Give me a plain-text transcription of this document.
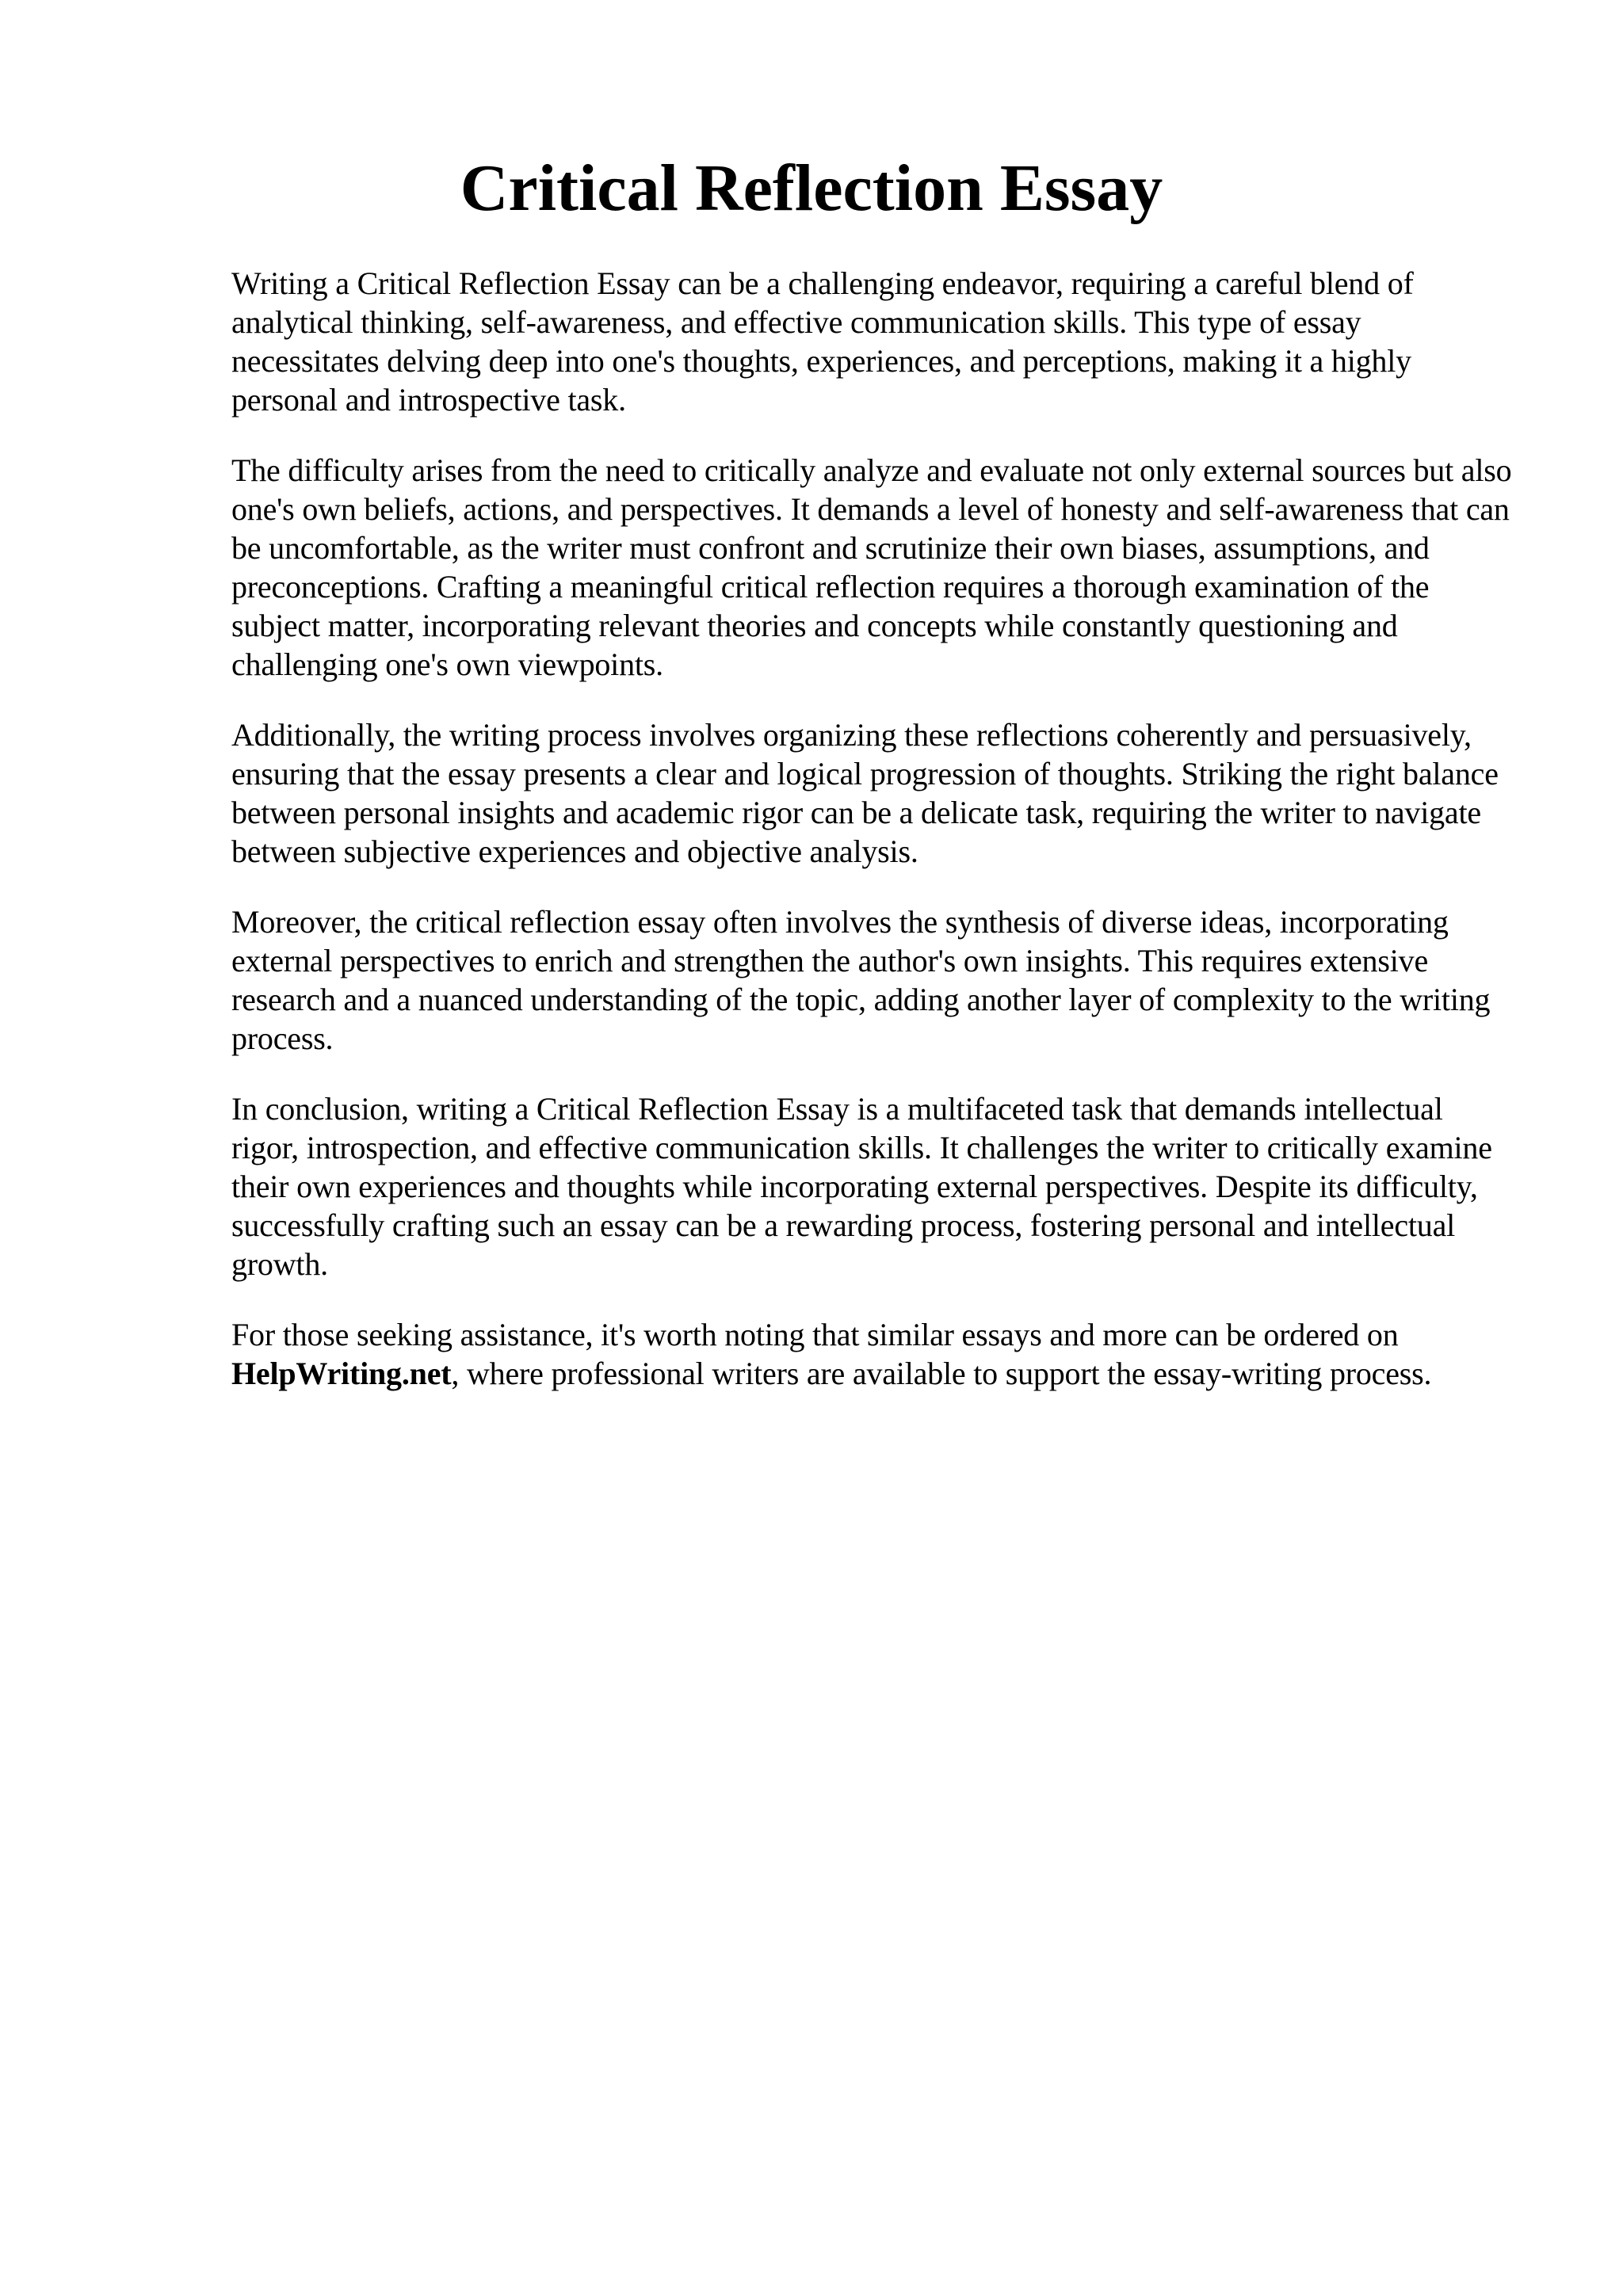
Critical Reflection Essay

Writing a Critical Reflection Essay can be a challenging endeavor, requiring a careful blend of analytical thinking, self-awareness, and effective communication skills. This type of essay necessitates delving deep into one's thoughts, experiences, and perceptions, making it a highly personal and introspective task.

The difficulty arises from the need to critically analyze and evaluate not only external sources but also one's own beliefs, actions, and perspectives. It demands a level of honesty and self-awareness that can be uncomfortable, as the writer must confront and scrutinize their own biases, assumptions, and preconceptions. Crafting a meaningful critical reflection requires a thorough examination of the subject matter, incorporating relevant theories and concepts while constantly questioning and challenging one's own viewpoints.

Additionally, the writing process involves organizing these reflections coherently and persuasively, ensuring that the essay presents a clear and logical progression of thoughts. Striking the right balance between personal insights and academic rigor can be a delicate task, requiring the writer to navigate between subjective experiences and objective analysis.

Moreover, the critical reflection essay often involves the synthesis of diverse ideas, incorporating external perspectives to enrich and strengthen the author's own insights. This requires extensive research and a nuanced understanding of the topic, adding another layer of complexity to the writing process.

In conclusion, writing a Critical Reflection Essay is a multifaceted task that demands intellectual rigor, introspection, and effective communication skills. It challenges the writer to critically examine their own experiences and thoughts while incorporating external perspectives. Despite its difficulty, successfully crafting such an essay can be a rewarding process, fostering personal and intellectual growth.

For those seeking assistance, it's worth noting that similar essays and more can be ordered on HelpWriting.net, where professional writers are available to support the essay-writing process.
